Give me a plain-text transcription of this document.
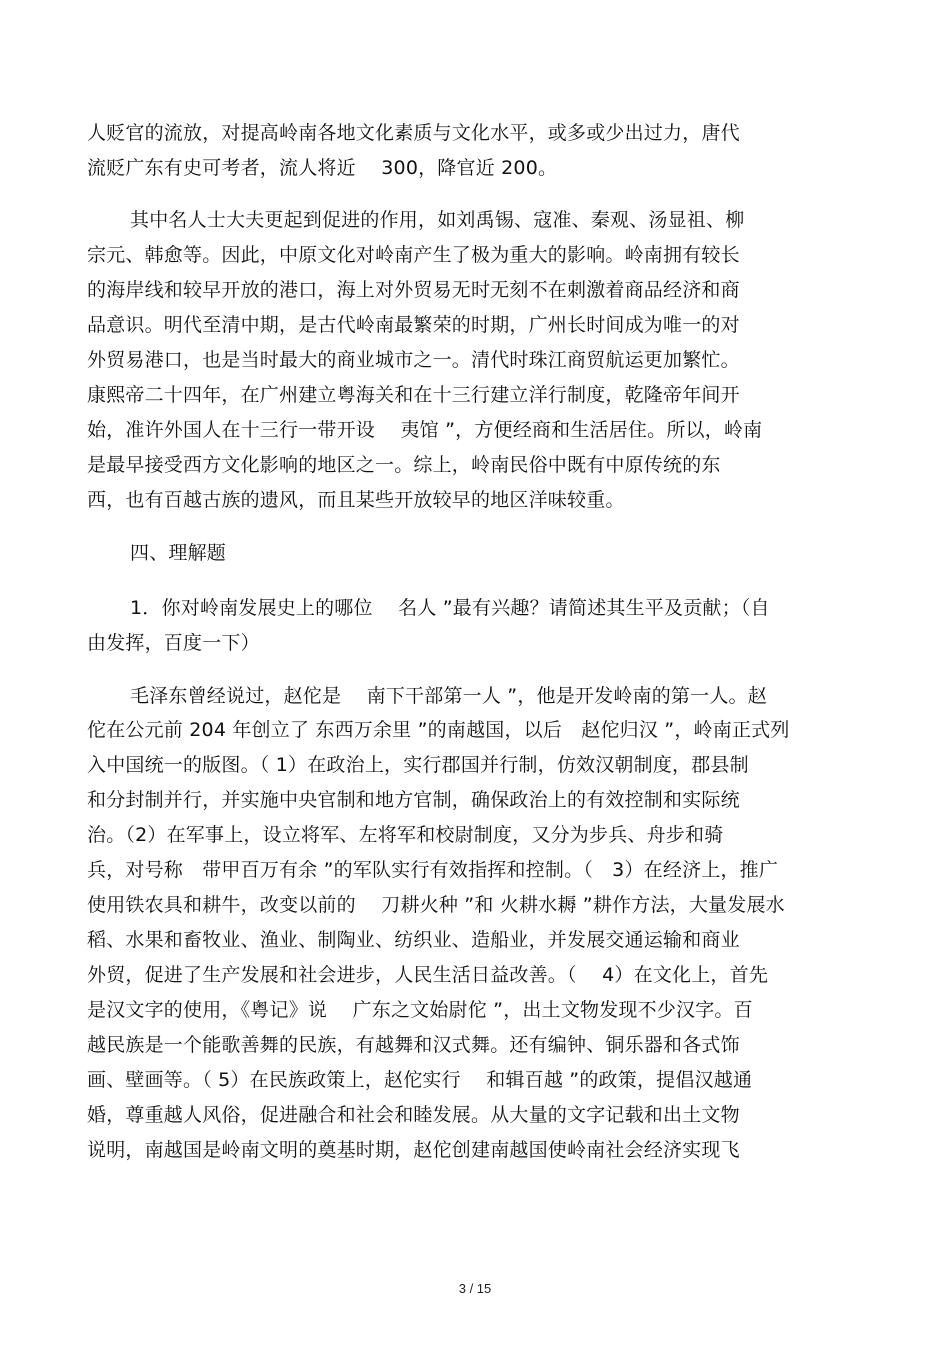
人贬官的流放，对提高岭南各地文化素质与文化水平，或多或少出过力，唐代
流贬广东有史可考者，流人将近　 300，降官近 200。
其中名人士大夫更起到促进的作用，如刘禹锡、寇准、秦观、汤显祖、柳
宗元、韩愈等。因此，中原文化对岭南产生了极为重大的影响。岭南拥有较长
的海岸线和较早开放的港口，海上对外贸易无时无刻不在刺激着商品经济和商
品意识。明代至清中期，是古代岭南最繁荣的时期，广州长时间成为唯一的对
外贸易港口，也是当时最大的商业城市之一。清代时珠江商贸航运更加繁忙。
康熙帝二十四年，在广州建立粤海关和在十三行建立洋行制度，乾隆帝年间开
始，准许外国人在十三行一带开设　 夷馆 ”，方便经商和生活居住。所以，岭南
是最早接受西方文化影响的地区之一。综上，岭南民俗中既有中原传统的东
西，也有百越古族的遗风，而且某些开放较早的地区洋味较重。
四、理解题
1．你对岭南发展史上的哪位　 名人 ”最有兴趣？请简述其生平及贡献；（自
由发挥，百度一下）
毛泽东曾经说过，赵佗是　 南下干部第一人 ”，他是开发岭南的第一人。赵
佗在公元前 204 年创立了 东西万余里 ”的南越国，以后　赵佗归汉 ”，岭南正式列
入中国统一的版图。（ 1）在政治上，实行郡国并行制，仿效汉朝制度，郡县制
和分封制并行，并实施中央官制和地方官制，确保政治上的有效控制和实际统
治。（2）在军事上，设立将军、左将军和校尉制度，又分为步兵、舟步和骑
兵，对号称　带甲百万有余 ”的军队实行有效指挥和控制。（　3）在经济上，推广
使用铁农具和耕牛，改变以前的　 刀耕火种 ”和 火耕水耨 ”耕作方法，大量发展水
稻、水果和畜牧业、渔业、制陶业、纺织业、造船业，并发展交通运输和商业
外贸，促进了生产发展和社会进步，人民生活日益改善。（　 4）在文化上，首先
是汉文字的使用，《粤记》说　 广东之文始尉佗 ”，出土文物发现不少汉字。百
越民族是一个能歌善舞的民族，有越舞和汉式舞。还有编钟、铜乐器和各式饰
画、壁画等。（ 5）在民族政策上，赵佗实行　 和辑百越 ”的政策，提倡汉越通
婚，尊重越人风俗，促进融合和社会和睦发展。从大量的文字记载和出土文物
说明，南越国是岭南文明的奠基时期，赵佗创建南越国使岭南社会经济实现飞
3 / 15
